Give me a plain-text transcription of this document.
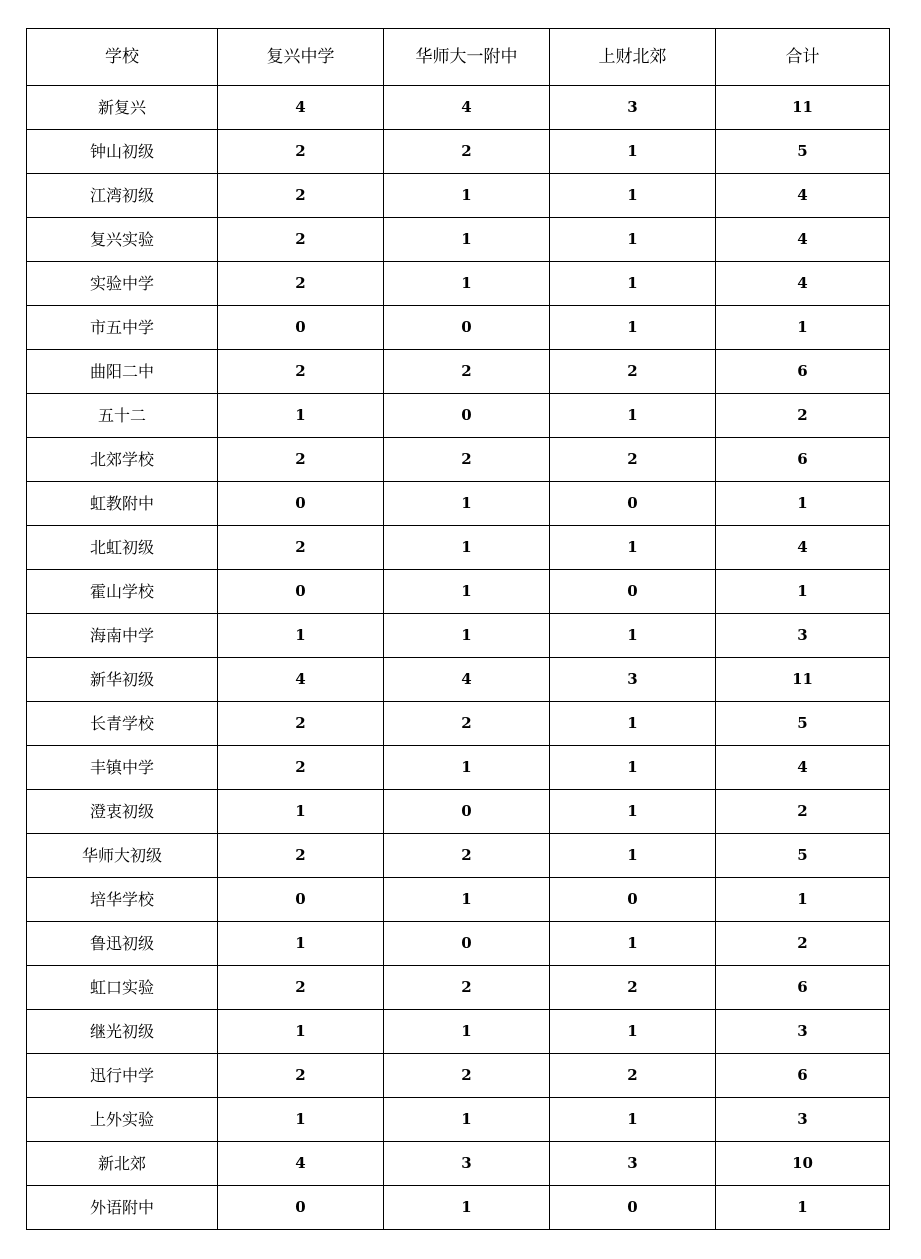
学校	复兴中学	华师大一附中	上财北郊	合计
新复兴	4	4	3	11
钟山初级	2	2	1	5
江湾初级	2	1	1	4
复兴实验	2	1	1	4
实验中学	2	1	1	4
市五中学	0	0	1	1
曲阳二中	2	2	2	6
五十二	1	0	1	2
北郊学校	2	2	2	6
虹教附中	0	1	0	1
北虹初级	2	1	1	4
霍山学校	0	1	0	1
海南中学	1	1	1	3
新华初级	4	4	3	11
长青学校	2	2	1	5
丰镇中学	2	1	1	4
澄衷初级	1	0	1	2
华师大初级	2	2	1	5
培华学校	0	1	0	1
鲁迅初级	1	0	1	2
虹口实验	2	2	2	6
继光初级	1	1	1	3
迅行中学	2	2	2	6
上外实验	1	1	1	3
新北郊	4	3	3	10
外语附中	0	1	0	1
